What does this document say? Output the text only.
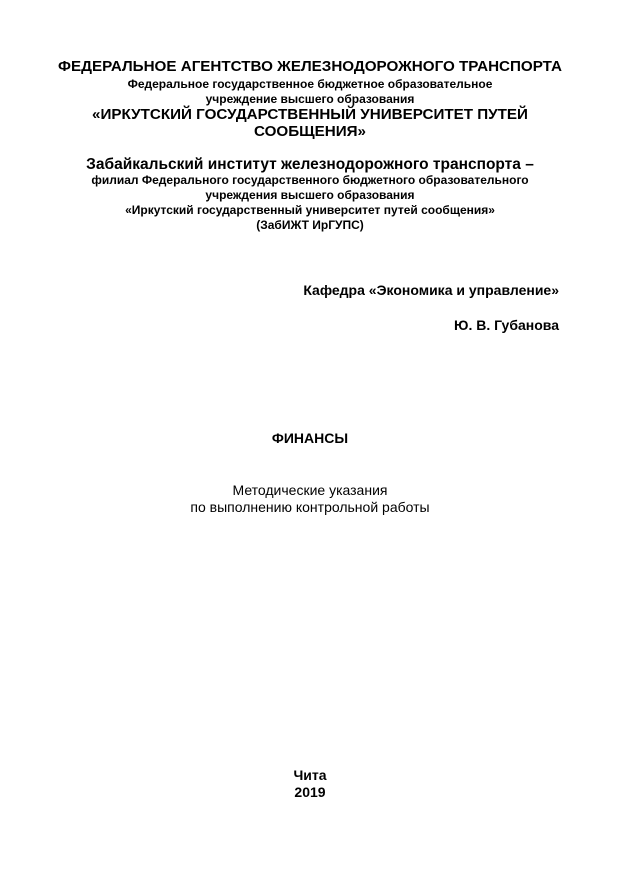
ФЕДЕРАЛЬНОЕ АГЕНТСТВО ЖЕЛЕЗНОДОРОЖНОГО ТРАНСПОРТА
Федеральное государственное бюджетное образовательное
учреждение высшего образования
«ИРКУТСКИЙ ГОСУДАРСТВЕННЫЙ УНИВЕРСИТЕТ ПУТЕЙ
СООБЩЕНИЯ»
Забайкальский институт железнодорожного транспорта –
филиал Федерального государственного бюджетного образовательного
учреждения высшего образования
«Иркутский государственный университет путей сообщения»
(ЗабИЖТ ИрГУПС)
Кафедра «Экономика и управление»
Ю. В. Губанова
ФИНАНСЫ
Методические указания
по выполнению контрольной работы
Чита
2019
